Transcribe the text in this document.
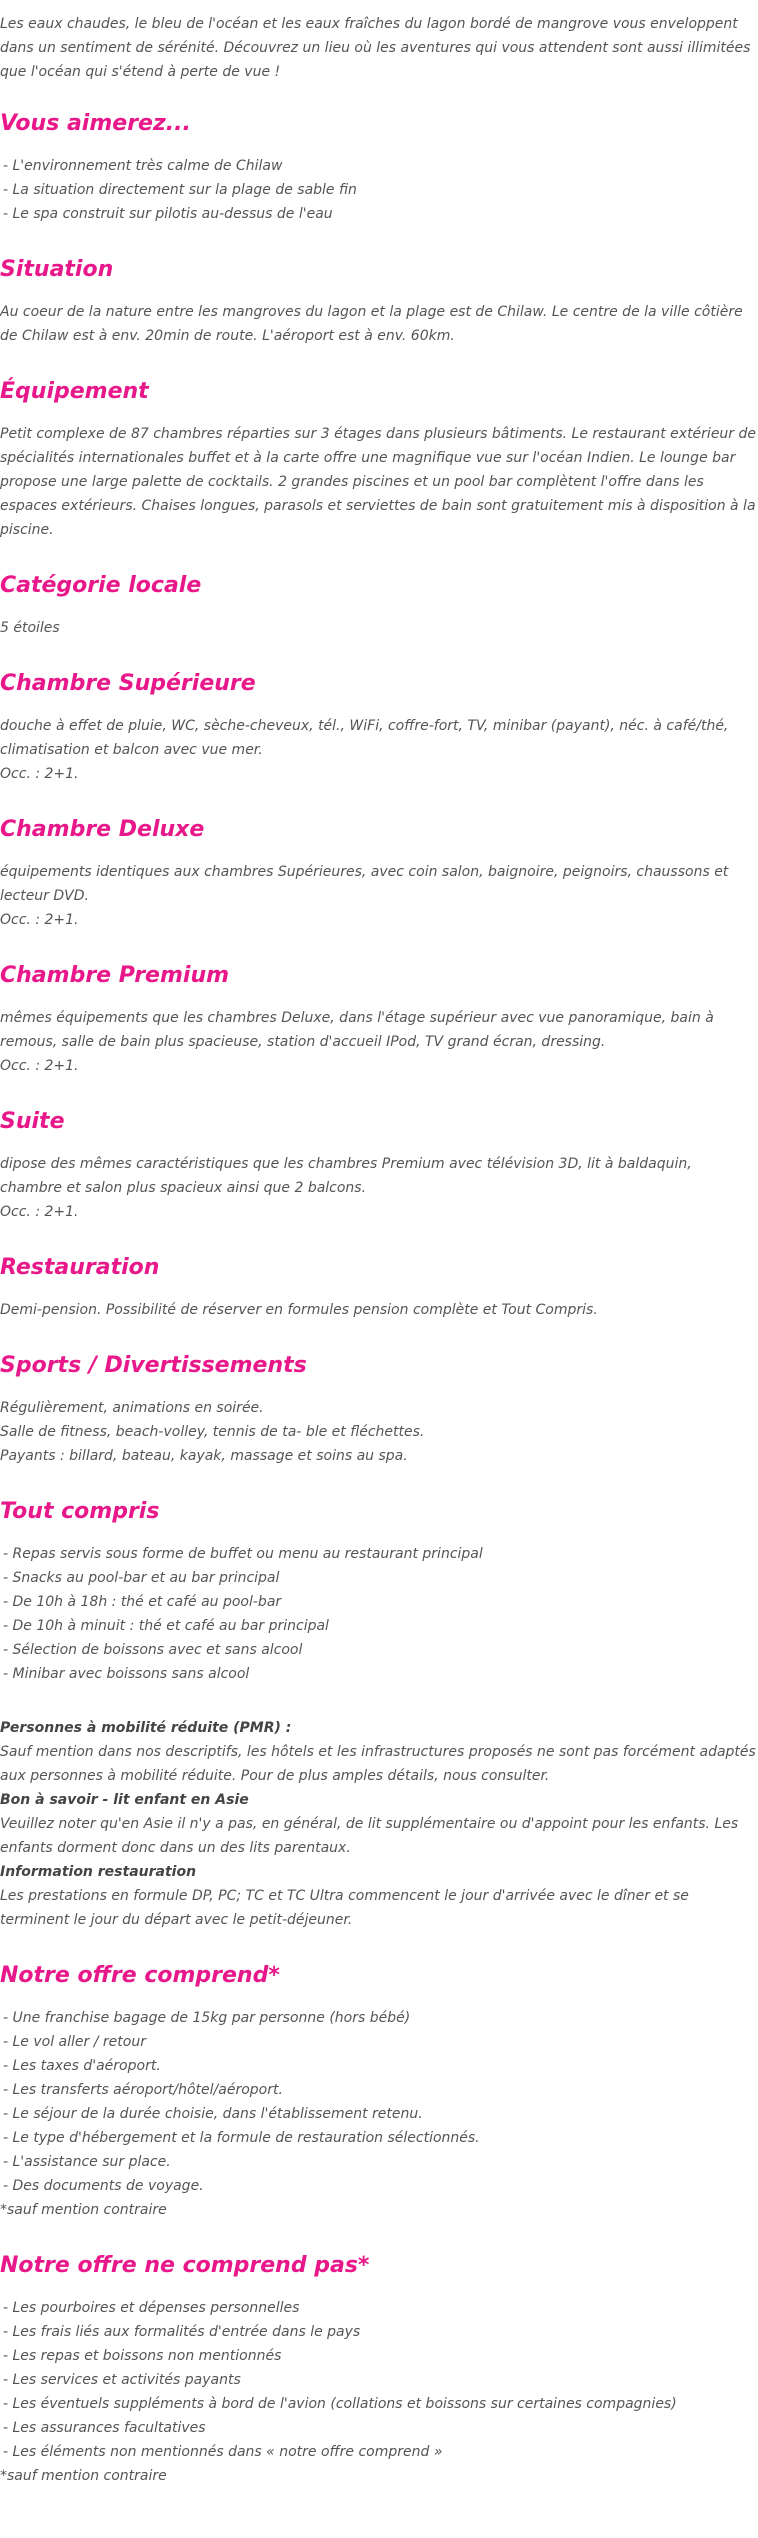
Les eaux chaudes, le bleu de l'océan et les eaux fraîches du lagon bordé de mangrove vous enveloppent dans un sentiment de sérénité. Découvrez un lieu où les aventures qui vous attendent sont aussi illimitées que l'océan qui s'étend à perte de vue !

Vous aimerez...
- L'environnement très calme de Chilaw
- La situation directement sur la plage de sable fin
- Le spa construit sur pilotis au-dessus de l'eau
Situation

Au coeur de la nature entre les mangroves du lagon et la plage est de Chilaw. Le centre de la ville côtière de Chilaw est à env. 20min de route. L'aéroport est à env. 60km.

Équipement

Petit complexe de 87 chambres réparties sur 3 étages dans plusieurs bâtiments. Le restaurant extérieur de spécialités internationales buffet et à la carte offre une magnifique vue sur l'océan Indien. Le lounge bar propose une large palette de cocktails. 2 grandes piscines et un pool bar complètent l'offre dans les espaces extérieurs. Chaises longues, parasols et serviettes de bain sont gratuitement mis à disposition à la piscine.

Catégorie locale

5 étoiles

Chambre Supérieure

douche à effet de pluie, WC, sèche-cheveux, tél., WiFi, coffre-fort, TV, minibar (payant), néc. à café/thé, climatisation et balcon avec vue mer.

Occ. : 2+1.
Chambre Deluxe

équipements identiques aux chambres Supérieures, avec coin salon, baignoire, peignoirs, chaussons et lecteur DVD.

Occ. : 2+1.
Chambre Premium

mêmes équipements que les chambres Deluxe, dans l'étage supérieur avec vue panoramique, bain à remous, salle de bain plus spacieuse, station d'accueil IPod, TV grand écran, dressing.

Occ. : 2+1.
Suite

dipose des mêmes caractéristiques que les chambres Premium avec télévision 3D, lit à baldaquin, chambre et salon plus spacieux ainsi que 2 balcons.

Occ. : 2+1.
Restauration

Demi-pension. Possibilité de réserver en formules pension complète et Tout Compris.

Sports / Divertissements
Régulièrement, animations en soirée.
Salle de fitness, beach-volley, tennis de ta- ble et fléchettes.
Payants : billard, bateau, kayak, massage et soins au spa.
Tout compris
- Repas servis sous forme de buffet ou menu au restaurant principal
- Snacks au pool-bar et au bar principal
- De 10h à 18h : thé et café au pool-bar
- De 10h à minuit : thé et café au bar principal
- Sélection de boissons avec et sans alcool
- Minibar avec boissons sans alcool
Personnes à mobilité réduite (PMR) :

Sauf mention dans nos descriptifs, les hôtels et les infrastructures proposés ne sont pas forcément adaptés aux personnes à mobilité réduite. Pour de plus amples détails, nous consulter.

Bon à savoir - lit enfant en Asie

Veuillez noter qu'en Asie il n'y a pas, en général, de lit supplémentaire ou d'appoint pour les enfants. Les enfants dorment donc dans un des lits parentaux.

Information restauration

Les prestations en formule DP, PC; TC et TC Ultra commencent le jour d'arrivée avec le dîner et se terminent le jour du départ avec le petit-déjeuner.

Notre offre comprend*
- Une franchise bagage de 15kg par personne (hors bébé)
- Le vol aller / retour
- Les taxes d'aéroport.
- Les transferts aéroport/hôtel/aéroport.
- Le séjour de la durée choisie, dans l'établissement retenu.
- Le type d'hébergement et la formule de restauration sélectionnés.
- L'assistance sur place.
- Des documents de voyage.
*sauf mention contraire
Notre offre ne comprend pas*
- Les pourboires et dépenses personnelles
- Les frais liés aux formalités d'entrée dans le pays
- Les repas et boissons non mentionnés
- Les services et activités payants
- Les éventuels suppléments à bord de l'avion (collations et boissons sur certaines compagnies)
- Les assurances facultatives
- Les éléments non mentionnés dans « notre offre comprend »
*sauf mention contraire
